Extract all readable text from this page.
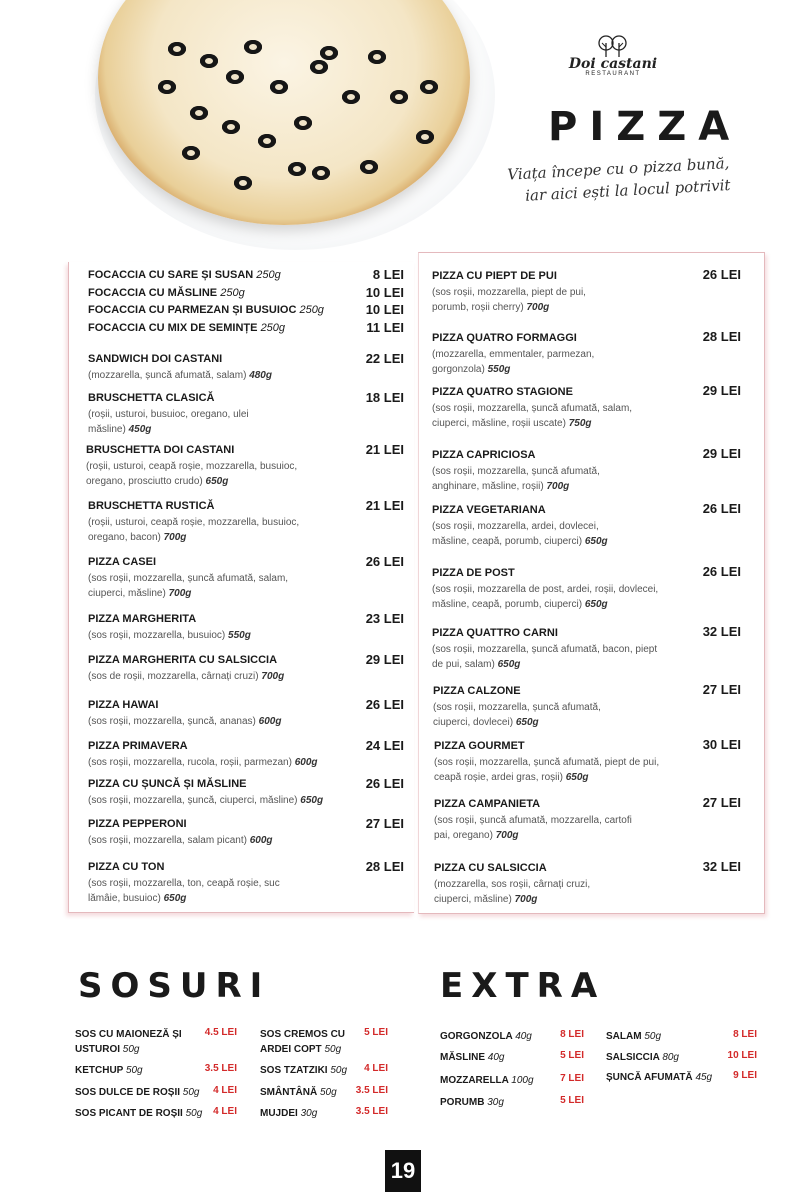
Doi castani
RESTAURANT
PIZZA
Viața începe cu o pizza bună,
iar aici ești la locul potrivit
FOCACCIA CU SARE ȘI SUSAN 250g	8 LEI
FOCACCIA CU MĂSLINE 250g	10 LEI
FOCACCIA CU PARMEZAN ȘI BUSUIOC 250g	10 LEI
FOCACCIA CU MIX DE SEMINȚE 250g	11 LEI
SANDWICH DOI CASTANI
(mozzarella, șuncă afumată, salam) 480g
22 LEI
BRUSCHETTA CLASICĂ
(roșii, usturoi, busuioc, oregano, ulei măsline) 450g
18 LEI
BRUSCHETTA DOI CASTANI
(roșii, usturoi, ceapă roșie, mozzarella, busuioc, oregano, prosciutto crudo) 650g
21 LEI
BRUSCHETTA RUSTICĂ
(roșii, usturoi, ceapă roșie, mozzarella, busuioc, oregano, bacon) 700g
21 LEI
PIZZA CASEI
(sos roșii, mozzarella, șuncă afumată, salam, ciuperci, măsline) 700g
26 LEI
PIZZA MARGHERITA
(sos roșii, mozzarella, busuioc) 550g
23 LEI
PIZZA MARGHERITA CU SALSICCIA
(sos de roșii, mozzarella, cârnați cruzi) 700g
29 LEI
PIZZA HAWAI
(sos roșii, mozzarella, șuncă, ananas) 600g
26 LEI
PIZZA PRIMAVERA
(sos roșii, mozzarella, rucola, roșii, parmezan) 600g
24 LEI
PIZZA CU ȘUNCĂ ȘI MĂSLINE
(sos roșii, mozzarella, șuncă, ciuperci, măsline) 650g
26 LEI
PIZZA PEPPERONI
(sos roșii, mozzarella, salam picant) 600g
27 LEI
PIZZA CU TON
(sos roșii, mozzarella, ton, ceapă roșie, suc lămâie, busuioc) 650g
28 LEI
PIZZA CU PIEPT DE PUI
(sos roșii, mozzarella, piept de pui, porumb, roșii cherry) 700g
26 LEI
PIZZA QUATRO FORMAGGI
(mozzarella, emmentaler, parmezan, gorgonzola) 550g
28 LEI
PIZZA QUATRO STAGIONE
(sos roșii, mozzarella, șuncă afumată, salam, ciuperci, măsline, roșii uscate) 750g
29 LEI
PIZZA CAPRICIOSA
(sos roșii, mozzarella, șuncă afumată, anghinare, măsline, roșii) 700g
29 LEI
PIZZA VEGETARIANA
(sos roșii, mozzarella, ardei, dovlecei, măsline, ceapă, porumb, ciuperci) 650g
26 LEI
PIZZA DE POST
(sos roșii, mozzarella de post, ardei, roșii, dovlecei, măsline, ceapă, porumb, ciuperci) 650g
26 LEI
PIZZA QUATTRO CARNI
(sos roșii, mozzarella, șuncă afumată, bacon, piept de pui, salam) 650g
32 LEI
PIZZA CALZONE
(sos roșii, mozzarella, șuncă afumată, ciuperci, dovlecei) 650g
27 LEI
PIZZA GOURMET
(sos roșii, mozzarella, șuncă afumată, piept de pui, ceapă roșie, ardei gras, roșii) 650g
30 LEI
PIZZA CAMPANIETA
(sos roșii, șuncă afumată, mozzarella, cartofi pai, oregano) 700g
27 LEI
PIZZA CU SALSICCIA
(mozzarella, sos roșii, cârnați cruzi, ciuperci, măsline) 700g
32 LEI
SOSURI
SOS CU MAIONEZĂ ȘI USTUROI 50g
4.5 LEI
KETCHUP 50g	3.5 LEI
SOS DULCE DE ROȘII 50g	4 LEI
SOS PICANT DE ROȘII 50g	4 LEI
SOS CREMOS CU ARDEI COPT 50g
5 LEI
SOS TZATZIKI 50g	4 LEI
SMÂNTÂNĂ 50g	3.5 LEI
MUJDEI 30g	3.5 LEI
EXTRA
GORGONZOLA 40g	8 LEI
MĂSLINE 40g	5 LEI
MOZZARELLA 100g	7 LEI
PORUMB 30g	5 LEI
SALAM 50g	8 LEI
SALSICCIA 80g	10 LEI
ȘUNCĂ AFUMATĂ 45g 9 LEI
19
